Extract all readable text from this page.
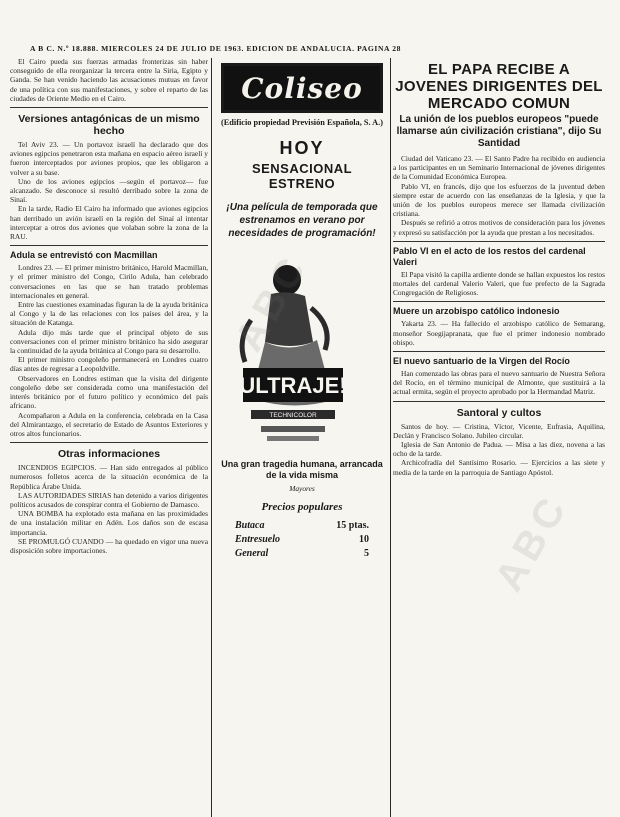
A B C. N.º 18.888. MIERCOLES 24 DE JULIO DE 1963. EDICION DE ANDALUCIA. PAGINA 28

El Cairo pueda sus fuerzas armadas fronterizas sin haber conseguido de ella reorganizar la tercera entre la Siria, Egipto y Ganda. Se han venido haciendo las acusaciones mutuas en favor de una política con sus manifestaciones, y sobre el reparto de las ciudades de Oriente Medio en el Cairo.

Versiones antagónicas de un mismo hecho

Tel Aviv 23. — Un portavoz israelí ha declarado que dos aviones egipcios penetraron esta mañana en espacio aéreo israelí y fueron interceptados por aviones propios, que les obligaron a volver a su base.

Uno de los aviones egipcios —según el portavoz— fue alcanzado. Se desconoce si resultó derribado sobre la zona de Sinaí.

En la tarde, Radio El Cairo ha informado que aviones egipcios han derribado un avión israelí en la región del Sinaí al intentar interceptar a otros dos aviones que volaban sobre la zona de la RAU.

Adula se entrevistó con Macmillan

Londres 23. — El primer ministro británico, Harold Macmillan, y el primer ministro del Congo, Cirilo Adula, han celebrado conversaciones en las que se han tratado problemas internacionales en general.

Entre las cuestiones examinadas figuran la de la ayuda británica al Congo y la de las relaciones con los países del área, y la situación de Katanga.

Adula dijo más tarde que el principal objeto de sus conversaciones con el primer ministro británico ha sido asegurar la continuidad de la ayuda británica al Congo para su desarrollo.

El primer ministro congoleño permanecerá en Londres cuatro días antes de regresar a Leopoldville.

Observadores en Londres estiman que la visita del dirigente congoleño debe ser considerada como una manifestación del interés británico por el futuro político y económico del país africano.

Acompañaron a Adula en la conferencia, celebrada en la Casa del Almirantazgo, el secretario de Estado de Asuntos Exteriores y otros altos funcionarios.

Otras informaciones

INCENDIOS EGIPCIOS. — Han sido entregados al público numerosos folletos acerca de la situación económica de la República Árabe Unida.

LAS AUTORIDADES SIRIAS han detenido a varios dirigentes políticos acusados de conspirar contra el Gobierno de Damasco.

UNA BOMBA ha explotado esta mañana en las proximidades de una instalación militar en Adén. Los daños son de escasa importancia.

SE PROMULGÓ CUANDO — ha quedado en vigor una nueva disposición sobre importaciones.

Coliseo
(Edificio propiedad Previsión Española, S. A.)
HOY
SENSACIONAL ESTRENO
¡Una película de temporada que estrenamos en verano por necesidades de programación!
ULTRAJE!
TECHNICOLOR
Una gran tragedia humana, arrancada de la vida misma
Mayores
Precios populares
Butaca	15 ptas.
Entresuelo	10
General	5
EL PAPA RECIBE A JOVENES DIRIGENTES DEL MERCADO COMUN
La unión de los pueblos europeos "puede llamarse aún civilización cristiana", dijo Su Santidad

Ciudad del Vaticano 23. — El Santo Padre ha recibido en audiencia a los participantes en un Seminario Internacional de jóvenes dirigentes de la Comunidad Económica Europea.

Pablo VI, en francés, dijo que los esfuerzos de la juventud deben siempre estar de acuerdo con las enseñanzas de la Iglesia, y que la unión de los pueblos europeos merece ser llamada civilización cristiana.

Después se refirió a otros motivos de consideración para los jóvenes y expresó su satisfacción por la ayuda que prestan a los necesitados.

Pablo VI en el acto de los restos del cardenal Valeri

El Papa visitó la capilla ardiente donde se hallan expuestos los restos mortales del cardenal Valerio Valeri, que fue prefecto de la Sagrada Congregación de Religiosos.

Muere un arzobispo católico indonesio

Yakarta 23. — Ha fallecido el arzobispo católico de Semarang, monseñor Soegijapranata, que fue el primer indonesio nombrado obispo.

El nuevo santuario de la Virgen del Rocío

Han comenzado las obras para el nuevo santuario de Nuestra Señora del Rocío, en el término municipal de Almonte, que sustituirá a la actual ermita, según el proyecto aprobado por la Hermandad Matriz.

Santoral y cultos

Santos de hoy. — Cristina, Víctor, Vicente, Eufrasia, Aquilina, Declán y Francisco Solano. Jubileo circular.

Iglesia de San Antonio de Padua. — Misa a las diez, novena a las ocho de la tarde.

Archicofradía del Santísimo Rosario. — Ejercicios a las siete y media de la tarde en la parroquia de Santiago Apóstol.

ABC
